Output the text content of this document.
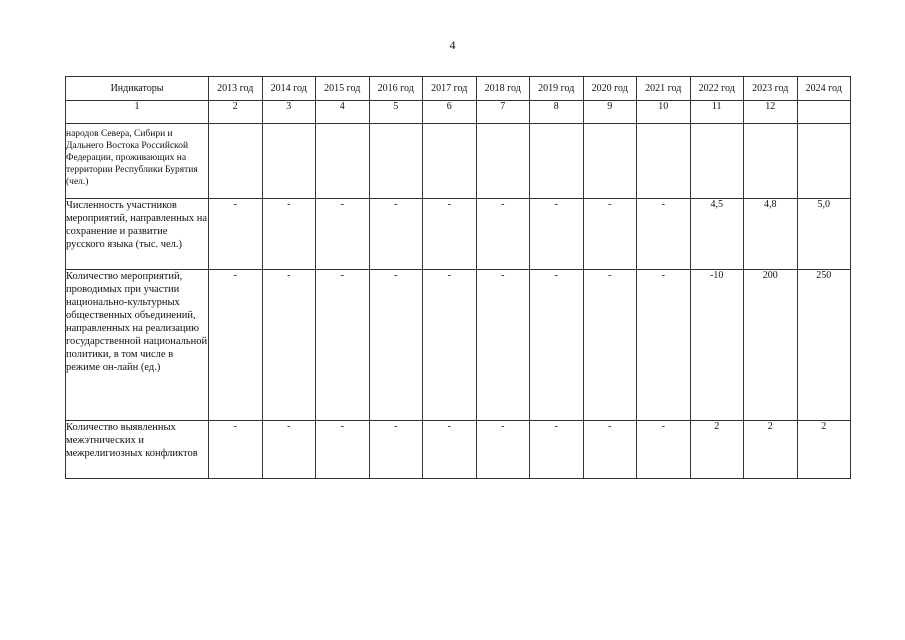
4
Индикаторы	2013 год	2014 год	2015 год	2016 год	2017 год	2018 год	2019 год	2020 год	2021 год	2022 год	2023 год	2024 год
1	2	3	4	5	6	7	8	9	10	11	12	
народов Севера, Сибири и Дальнего Востока Российской Федерации, проживающих на территории Республики Бурятия (чел.)												
Численность участников мероприятий, направленных на сохранение и развитие русского языка (тыс. чел.)	-	-	-	-	-	-	-	-	-	4,5	4,8	5,0
Количество мероприятий, проводимых при участии национально-культурных общественных объединений, направленных на реализацию государственной национальной политики, в том числе в режиме он-лайн (ед.)	-	-	-	-	-	-	-	-	-	-10	200	250
Количество выявленных межэтнических и межрелигиозных конфликтов	-	-	-	-	-	-	-	-	-	2	2	2
